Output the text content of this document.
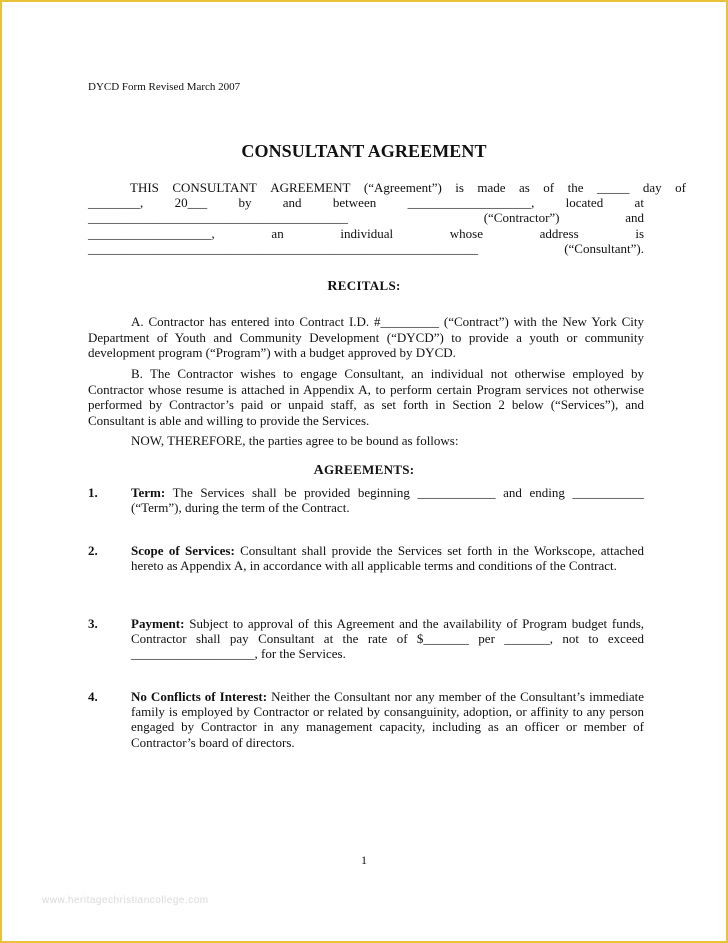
DYCD Form Revised March 2007
CONSULTANT AGREEMENT
THIS CONSULTANT AGREEMENT (“Agreement”) is made as of the _____ day of
________, 20___ by and between ___________________, located at
________________________________________	(“Contractor”)	and
___________________,	an	individual	whose	address	is
____________________________________________________________	(“Consultant”).
RECITALS:
A. Contractor has entered into Contract I.D. #_________ (“Contract”) with the New York City Department of Youth and Community Development (“DYCD”) to provide a youth or community development program (“Program”) with a budget approved by DYCD.
B. The Contractor wishes to engage Consultant, an individual not otherwise employed by Contractor whose resume is attached in Appendix A, to perform certain Program services not otherwise performed by Contractor’s paid or unpaid staff, as set forth in Section 2 below (“Services”), and Consultant is able and willing to provide the Services.
NOW, THEREFORE, the parties agree to be bound as follows:
AGREEMENTS:
1.	Term: The Services shall be provided beginning ____________ and ending ___________ (“Term”), during the term of the Contract.
2.	Scope of Services: Consultant shall provide the Services set forth in the Workscope, attached hereto as Appendix A, in accordance with all applicable terms and conditions of the Contract.
3.	Payment: Subject to approval of this Agreement and the availability of Program budget funds, Contractor shall pay Consultant at the rate of $_______ per _______, not to exceed ___________________, for the Services.
4.	No Conflicts of Interest: Neither the Consultant nor any member of the Consultant’s immediate family is employed by Contractor or related by consanguinity, adoption, or affinity to any person engaged by Contractor in any management capacity, including as an officer or member of Contractor’s board of directors.
1
www.heritagechristiancollege.com
